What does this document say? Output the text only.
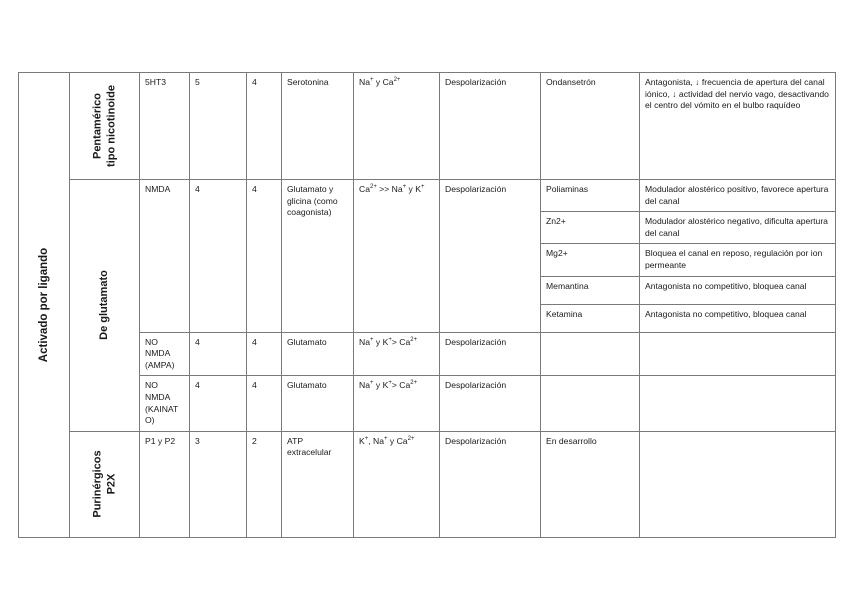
Activado por ligando	Pentamérico tipo nicotinoide	5HT3	5	4	Serotonina	Na+ y $Ca^{2+}$	Despolarización	Ondansetrón	Antagonista, ↓ frecuencia de apertura del canal iónico, ↓ actividad del nervio vago, desactivando el centro del vómito en el bulbo raquídeo

	De glutamato	NMDA	4	4	Glutamato y glicina (como coagonista)	$Ca^{2+} >> Na^+$ y K+	Despolarización	Poliaminas	Modulador alostérico positivo, favorece apertura del canal
								Zn2+	Modulador alostérico negativo, dificulta apertura del canal
								Mg2+	Bloquea el canal en reposo, regulación por ion permeante
								Memantina	Antagonista no competitivo, bloquea canal
								Ketamina	Antagonista no competitivo, bloquea canal
		NO NMDA (AMPA)	4	4	Glutamato	Na+ y $K^+> Ca^{2+}$	Despolarización		
		NO NMDA (KAINATO)	4	4	Glutamato	Na+ y $K^+> Ca^{2+}$	Despolarización		

	Purinérgicos P2X	P1 y P2	3	2	ATP extracelular	K+, Na+ y $Ca^{2+}$	Despolarización	En desarrollo	
